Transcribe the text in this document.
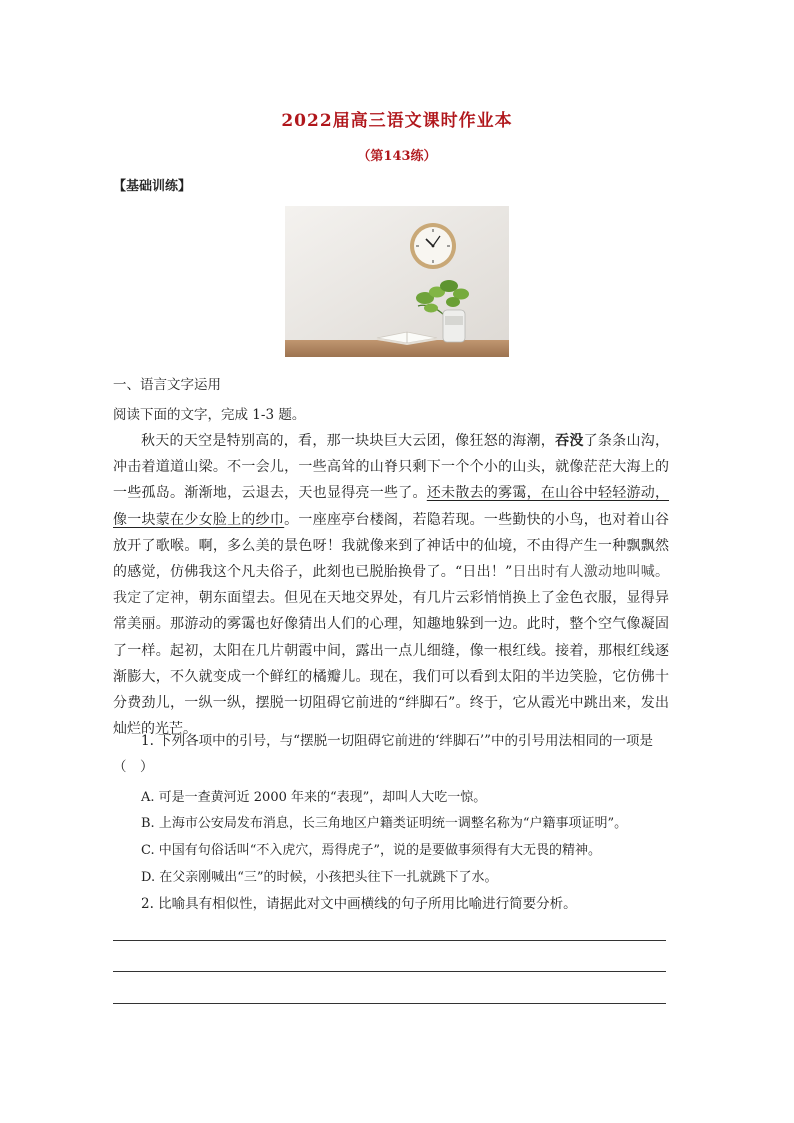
2022届高三语文课时作业本
（第143练）
【基础训练】
一、语言文字运用
阅读下面的文字，完成 1-3 题。

秋天的天空是特别高的，看，那一块块巨大云团，像狂怒的海潮，吞没了条条山沟，冲击着道道山梁。不一会儿，一些高耸的山脊只剩下一个个小的山头，就像茫茫大海上的一些孤岛。渐渐地，云退去，天也显得亮一些了。还未散去的雾霭，在山谷中轻轻游动，像一块蒙在少女脸上的纱巾。一座座亭台楼阁，若隐若现。一些勤快的小鸟，也对着山谷放开了歌喉。啊，多么美的景色呀！我就像来到了神话中的仙境，不由得产生一种飘飘然的感觉，仿佛我这个凡夫俗子，此刻也已脱胎换骨了。“日出！”日出时有人激动地叫喊。我定了定神，朝东面望去。但见在天地交界处，有几片云彩悄悄换上了金色衣服，显得异常美丽。那游动的雾霭也好像猜出人们的心理，知趣地躲到一边。此时，整个空气像凝固了一样。起初，太阳在几片朝霞中间，露出一点儿细缝，像一根红线。接着，那根红线逐渐膨大，不久就变成一个鲜红的橘瓣儿。现在，我们可以看到太阳的半边笑脸，它仿佛十分费劲儿，一纵一纵，摆脱一切阻碍它前进的“绊脚石”。终于，它从霞光中跳出来，发出灿烂的光芒。

1. 下列各项中的引号，与“摆脱一切阻碍它前进的‘绊脚石’”中的引号用法相同的一项是（　）

A. 可是一查黄河近 2000 年来的“表现”，却叫人大吃一惊。
B. 上海市公安局发布消息，长三角地区户籍类证明统一调整名称为“户籍事项证明”。
C. 中国有句俗话叫“不入虎穴，焉得虎子”，说的是要做事须得有大无畏的精神。
D. 在父亲刚喊出“三”的时候，小孩把头往下一扎就跳下了水。
2. 比喻具有相似性，请据此对文中画横线的句子所用比喻进行简要分析。
